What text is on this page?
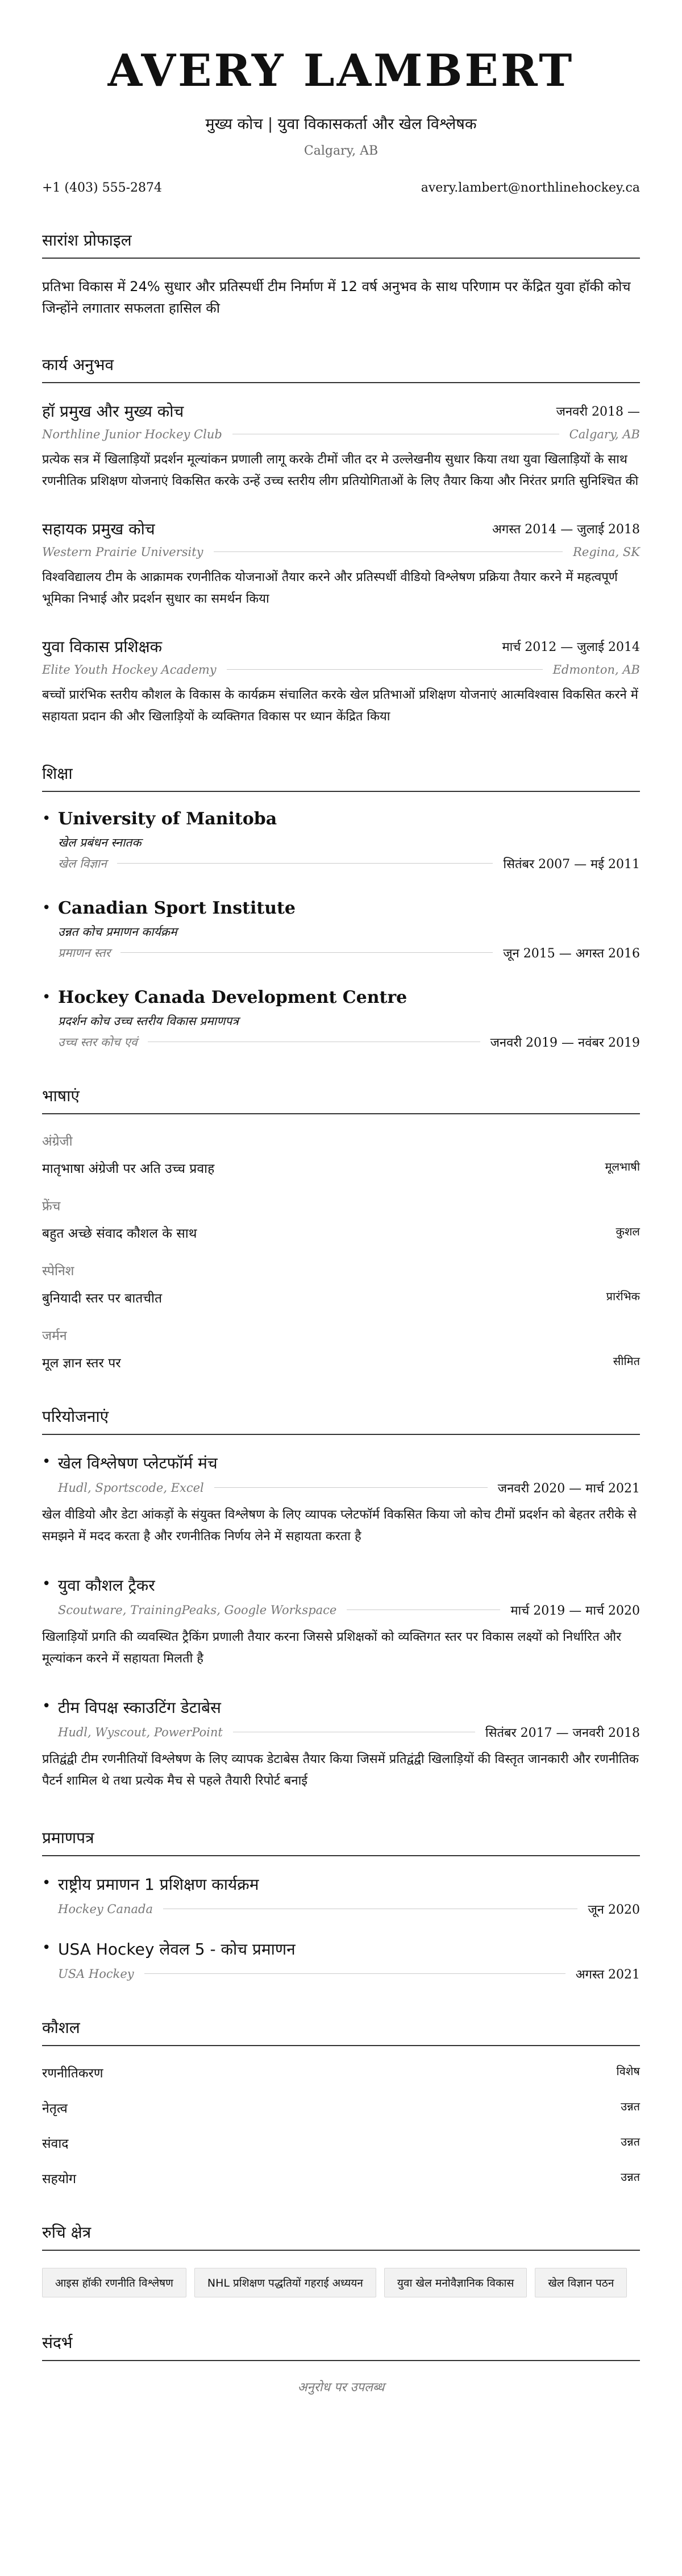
AVERY LAMBERT
मुख्य कोच | युवा विकासकर्ता और खेल विश्लेषक
Calgary, AB
+1 (403) 555-2874	avery.lambert@northlinehockey.ca
सारांश प्रोफाइल

प्रतिभा विकास में 24% सुधार और प्रतिस्पर्धी टीम निर्माण में 12 वर्ष अनुभव के साथ परिणाम पर केंद्रित युवा हॉकी कोच जिन्होंने लगातार सफलता हासिल की

कार्य अनुभव
हॉ प्रमुख और मुख्य कोच	जनवरी 2018 —
Northline Junior Hockey Club	Calgary, AB
प्रत्येक सत्र में खिलाड़ियों प्रदर्शन मूल्यांकन प्रणाली लागू करके टीमों जीत दर मे उल्लेखनीय सुधार किया तथा युवा खिलाड़ियों के साथ रणनीतिक प्रशिक्षण योजनाएं विकसित करके उन्हें उच्च स्तरीय लीग प्रतियोगिताओं के लिए तैयार किया और निरंतर प्रगति सुनिश्चित की
सहायक प्रमुख कोच	अगस्त 2014 — जुलाई 2018
Western Prairie University	Regina, SK
विश्वविद्यालय टीम के आक्रामक रणनीतिक योजनाओं तैयार करने और प्रतिस्पर्धी वीडियो विश्लेषण प्रक्रिया तैयार करने में महत्वपूर्ण भूमिका निभाई और प्रदर्शन सुधार का समर्थन किया
युवा विकास प्रशिक्षक	मार्च 2012 — जुलाई 2014
Elite Youth Hockey Academy	Edmonton, AB
बच्चों प्रारंभिक स्तरीय कौशल के विकास के कार्यक्रम संचालित करके खेल प्रतिभाओं प्रशिक्षण योजनाएं आत्मविश्वास विकसित करने में सहायता प्रदान की और खिलाड़ियों के व्यक्तिगत विकास पर ध्यान केंद्रित किया
शिक्षा
• University of Manitoba
खेल प्रबंधन स्नातक
खेल विज्ञान	सितंबर 2007 — मई 2011
• Canadian Sport Institute
उन्नत कोच प्रमाणन कार्यक्रम
प्रमाणन स्तर	जून 2015 — अगस्त 2016
• Hockey Canada Development Centre
प्रदर्शन कोच उच्च स्तरीय विकास प्रमाणपत्र
उच्च स्तर कोच एवं	जनवरी 2019 — नवंबर 2019
भाषाएं
अंग्रेजी
मातृभाषा अंग्रेजी पर अति उच्च प्रवाह	मूलभाषी
फ्रेंच
बहुत अच्छे संवाद कौशल के साथ	कुशल
स्पेनिश
बुनियादी स्तर पर बातचीत	प्रारंभिक
जर्मन
मूल ज्ञान स्तर पर	सीमित
परियोजनाएं
• खेल विश्लेषण प्लेटफॉर्म मंच
Hudl, Sportscode, Excel	जनवरी 2020 — मार्च 2021
खेल वीडियो और डेटा आंकड़ों के संयुक्त विश्लेषण के लिए व्यापक प्लेटफॉर्म विकसित किया जो कोच टीमों प्रदर्शन को बेहतर तरीके से समझने में मदद करता है और रणनीतिक निर्णय लेने में सहायता करता है
• युवा कौशल ट्रैकर
Scoutware, TrainingPeaks, Google Workspace	मार्च 2019 — मार्च 2020
खिलाड़ियों प्रगति की व्यवस्थित ट्रैकिंग प्रणाली तैयार करना जिससे प्रशिक्षकों को व्यक्तिगत स्तर पर विकास लक्ष्यों को निर्धारित और मूल्यांकन करने में सहायता मिलती है
• टीम विपक्ष स्काउटिंग डेटाबेस
Hudl, Wyscout, PowerPoint	सितंबर 2017 — जनवरी 2018
प्रतिद्वंद्वी टीम रणनीतियों विश्लेषण के लिए व्यापक डेटाबेस तैयार किया जिसमें प्रतिद्वंद्वी खिलाड़ियों की विस्तृत जानकारी और रणनीतिक पैटर्न शामिल थे तथा प्रत्येक मैच से पहले तैयारी रिपोर्ट बनाई
प्रमाणपत्र
• राष्ट्रीय प्रमाणन 1 प्रशिक्षण कार्यक्रम
Hockey Canada	जून 2020
• USA Hockey लेवल 5 - कोच प्रमाणन
USA Hockey	अगस्त 2021
कौशल
रणनीतिकरण	विशेष
नेतृत्व	उन्नत
संवाद	उन्नत
सहयोग	उन्नत
रुचि क्षेत्र
आइस हॉकी रणनीति विश्लेषण	NHL प्रशिक्षण पद्धतियों गहराई अध्ययन	युवा खेल मनोवैज्ञानिक विकास	खेल विज्ञान पठन
संदर्भ
अनुरोध पर उपलब्ध
